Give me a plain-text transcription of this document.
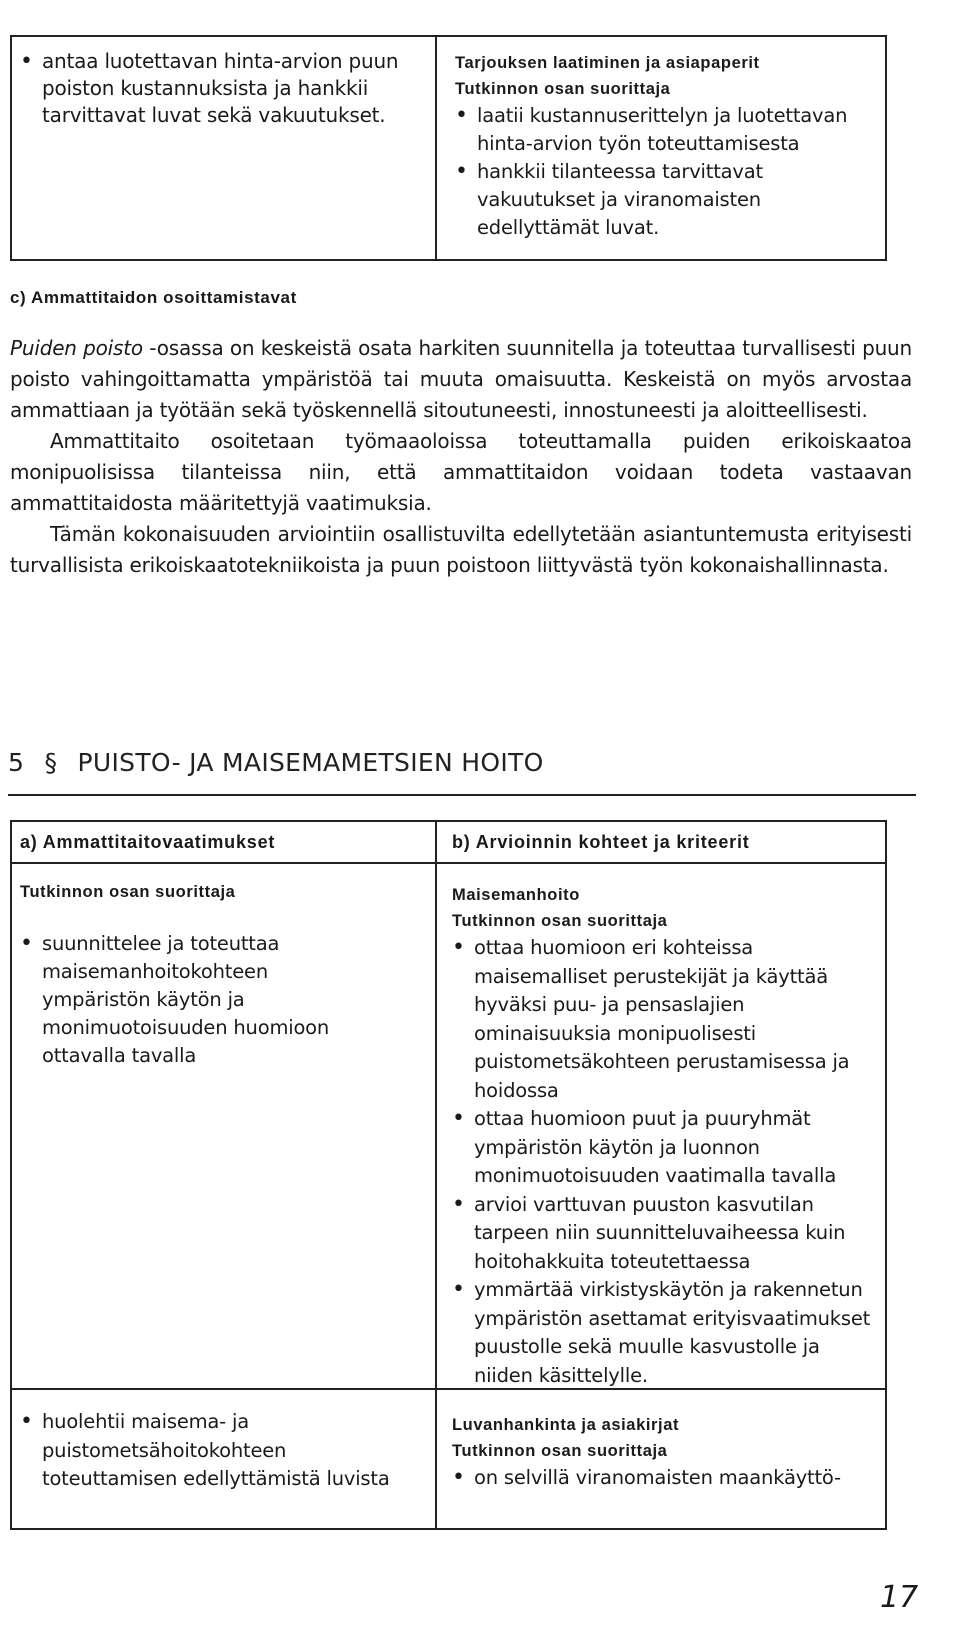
• antaa luotettavan hinta-arvion puun poiston kustannuksista ja hankkii tarvittavat luvat sekä vakuutukset.
Tarjouksen laatiminen ja asiapaperit
Tutkinnon osan suorittaja
• laatii kustannuserittelyn ja luotettavan hinta-arvion työn toteuttamisesta
• hankkii tilanteessa tarvittavat vakuutukset ja viranomaisten edellyttämät luvat.
c) Ammattitaidon osoittamistavat

Puiden poisto -osassa on keskeistä osata harkiten suunnitella ja toteuttaa turvallisesti puun poisto vahingoittamatta ympäristöä tai muuta omaisuutta. Keskeistä on myös arvostaa ammattiaan ja työtään sekä työskennellä sitoutuneesti, innostuneesti ja aloitteellisesti.

Ammattitaito osoitetaan työmaaoloissa toteuttamalla puiden erikoiskaatoa monipuolisissa tilanteissa niin, että ammattitaidon voidaan todeta vastaavan ammattitaidosta määritettyjä vaatimuksia.

Tämän kokonaisuuden arviointiin osallistuvilta edellytetään asiantuntemusta erityisesti turvallisista erikoiskaatotekniikoista ja puun poistoon liittyvästä työn kokonaishallinnasta.

5 § PUISTO- JA MAISEMAMETSIEN HOITO
a) Ammattitaitovaatimukset	b) Arvioinnin kohteet ja kriteerit
Tutkinnon osan suorittaja
• suunnittelee ja toteuttaa maisemanhoitokohteen ympäristön käytön ja monimuotoisuuden huomioon ottavalla tavalla
Maisemanhoito
Tutkinnon osan suorittaja
• ottaa huomioon eri kohteissa maisemalliset perustekijät ja käyttää hyväksi puu- ja pensaslajien ominaisuuksia monipuolisesti puistometsäkohteen perustamisessa ja hoidossa
• ottaa huomioon puut ja puuryhmät ympäristön käytön ja luonnon monimuotoisuuden vaatimalla tavalla
• arvioi varttuvan puuston kasvutilan tarpeen niin suunnitteluvaiheessa kuin hoitohakkuita toteutettaessa
• ymmärtää virkistyskäytön ja rakennetun ympäristön asettamat erityisvaatimukset puustolle sekä muulle kasvustolle ja niiden käsittelylle.
• huolehtii maisema- ja puistometsähoitokohteen toteuttamisen edellyttämistä luvista
Luvanhankinta ja asiakirjat
Tutkinnon osan suorittaja
• on selvillä viranomaisten maankäyttö-
17
